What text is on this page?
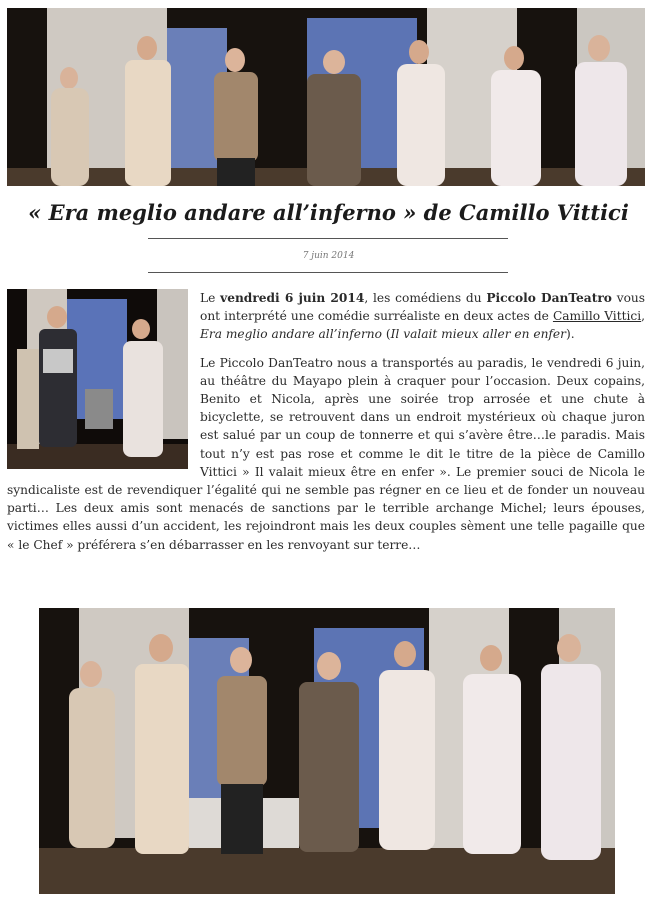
« Era meglio andare all’inferno » de Camillo Vittici
7 juin 2014

Le vendredi 6 juin 2014, les comédiens du Piccolo DanTeatro vous ont interprété une comédie surréaliste en deux actes de Camillo Vittici, Era meglio andare all’inferno (Il valait mieux aller en enfer).

Le Piccolo DanTeatro nous a transportés au paradis, le vendredi 6 juin, au théâtre du Mayapo plein à craquer pour l’occasion. Deux copains, Benito et Nicola, après une soirée trop arrosée et une chute à bicyclette, se retrouvent dans un endroit mystérieux où chaque juron est salué par un coup de tonnerre et qui s’avère être…le paradis. Mais tout n’y est pas rose et comme le dit le titre de la pièce de Camillo Vittici » Il valait mieux être en enfer ». Le premier souci de Nicola le syndicaliste est de revendiquer l’égalité qui ne semble pas régner en ce lieu et de fonder un nouveau parti… Les deux amis sont menacés de sanctions par le terrible archange Michel; leurs épouses, victimes elles aussi d’un accident, les rejoindront mais les deux couples sèment une telle pagaille que « le Chef » préférera s’en débarrasser en les renvoyant sur terre…
